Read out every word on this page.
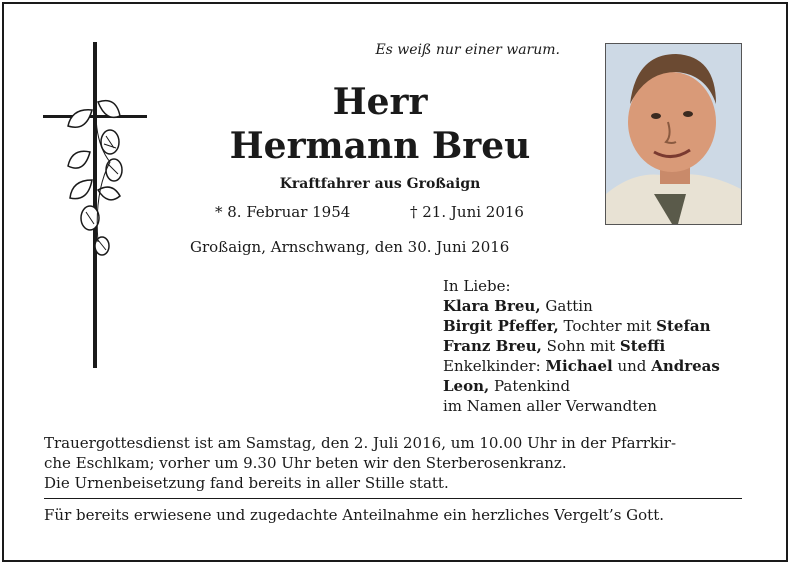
Es weiß nur einer warum.
Herr
Hermann Breu
Kraftfahrer aus Großaign
* 8. Februar 1954	† 21. Juni 2016
Großaign, Arnschwang, den 30. Juni 2016
In Liebe:
Klara Breu, Gattin
Birgit Pfeffer, Tochter mit Stefan
Franz Breu, Sohn mit Steffi
Enkelkinder: Michael und Andreas
Leon, Patenkind
im Namen aller Verwandten
Trauergottesdienst ist am Samstag, den 2. Juli 2016, um 10.00 Uhr in der Pfarrkir-
che Eschlkam; vorher um 9.30 Uhr beten wir den Sterberosenkranz.
Die Urnenbeisetzung fand bereits in aller Stille statt.
Für bereits erwiesene und zugedachte Anteilnahme ein herzliches Vergelt’s Gott.
